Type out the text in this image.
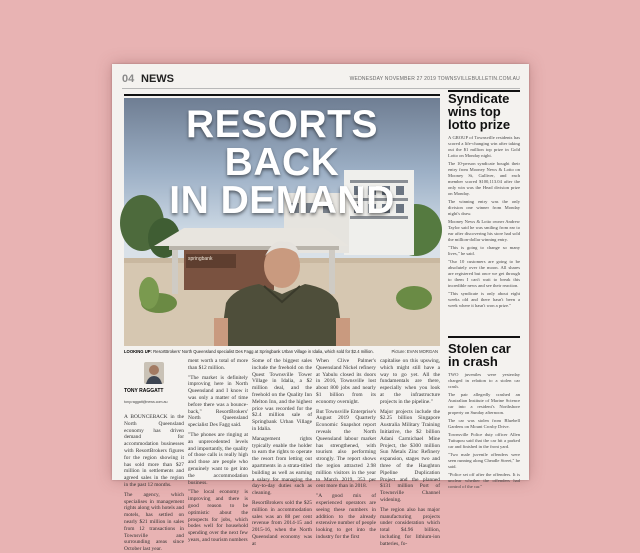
04 NEWS	WEDNESDAY NOVEMBER 27 2019 TOWNSVILLEBULLETIN.COM.AU
springbank
RESORTS BACK
IN DEMAND
LOOKING UP: ResortBrokers' North Queensland specialist Des Fagg at Springbank Urban Village in Idalia, which sold for $2.4 million.	Picture: EVAN MORGAN
TONY RAGGATT
tony.raggatt@news.com.au

A BOUNCEBACK in the North Queensland economy has driven demand for accommodation businesses with ResortBrokers figures for the region showing it has sold more than $27 million in settlements and agreed sales in the region in the past 12 months.

The agency, which specialises in management rights along with hotels and motels, has settled on nearly $21 million in sales from 12 transactions in Townsville and surrounding areas since October last year.

ment worth a total of more than $12 million.

"The market is definitely improving here in North Queensland and I know it was only a matter of time before there was a bounce-back," ResortBrokers' North Queensland specialist Des Fagg said.

"The phones are ringing at an unprecedented levels and importantly, the quality of those calls is really high and those are people who genuinely want to get into the accommodation business.

"The local economy is improving and there is good reason to be optimistic about the prospects for jobs, which bodes well for household spending over the next few years, and tourism numbers

Some of the biggest sales include the freehold on the Quest Townsville Tower Village in Idalia, a $2 million deal, and the freehold on the Quality Inn Melton Inn, and the highest price was recorded for the $2.4 million sale of Springbank Urban Village in Idalia.

Management rights typically enable the holder to earn the rights to operate the resort from letting out apartments in a strata-titled building as well as earning a salary for managing the day-to-day duties such as cleaning.

ResortBrokers sold the $25 million in accommodation sales was an 88 per cent revenue from 2014-15 and 2015-16, when the North Queensland economy was at

When Clive Palmer's Queensland Nickel refinery at Yabulu closed its doors in 2016, Townsville lost about 800 jobs and nearly $1 billion from its economy overnight.

But Townsville Enterprise's August 2019 Quarterly Economic Snapshot report reveals the North Queensland labour market has strengthened, with tourism also performing strongly. The report shows the region attracted 2.98 million visitors in the year to March 2019, 353 per cent more than in 2018.

"A good mix of experienced operators are seeing these numbers in addition to the already extensive number of people looking to get into the industry for the first

capitalise on this upswing, which might still have a way to go yet. All the fundamentals are there, especially when you look at the infrastructure projects in the pipeline."

Major projects include the $2.25 billion Singapore Australia Military Training Initiative, the $2 billion Adani Carmichael Mine Project, the $300 million Sun Metals Zinc Refinery expansion, stages two and three of the Haughton Pipeline Duplication Project and the planned $131 million Port of Townsville Channel widening.

The region also has major manufacturing projects under consideration which total $4.96 billion, including for lithium-ion batteries, fo-

Syndicate wins top lotto prize

A GROUP of Townsville residents has scored a life-changing win after taking out the $1 million top prize in Gold Lotto on Monday night.

The 10-person syndicate bought their entry from Mooney News & Lotto on Mooney St, Gulliver, and each member scored $100,113.04 after the only win was the Head division prize on Monday.

The winning entry was the only division one winner from Monday night's draw.

Mooney News & Lotto owner Andrew Taylor said he was smiling from ear to ear after discovering his store had sold the million-dollar winning entry.

"This is going to change so many lives," he said.

"Our 10 customers are going to be absolutely over the moon. All shares are registered but once we get through to them I can't wait to break this incredible news and see their reaction.

"This syndicate is only about eight weeks old and there hasn't been a week where it hasn't won a prize."

Stolen car in crash

TWO juveniles were yesterday charged in relation to a stolen car crash.

The pair allegedly crashed an Australian Institute of Marine Science car into a resident's Northshore property on Sunday afternoon.

The car was stolen from Bluebell Gardens on Mount Crosby Drive.

Townsville Police duty officer Allen Tuitupou said that the car hit a parked car and finished in the front yard.

"Two male juvenile offenders were seen running along Cheadle Street," he said.

"Police set off after the offenders. It is unclear whether the offenders had control of the car."
